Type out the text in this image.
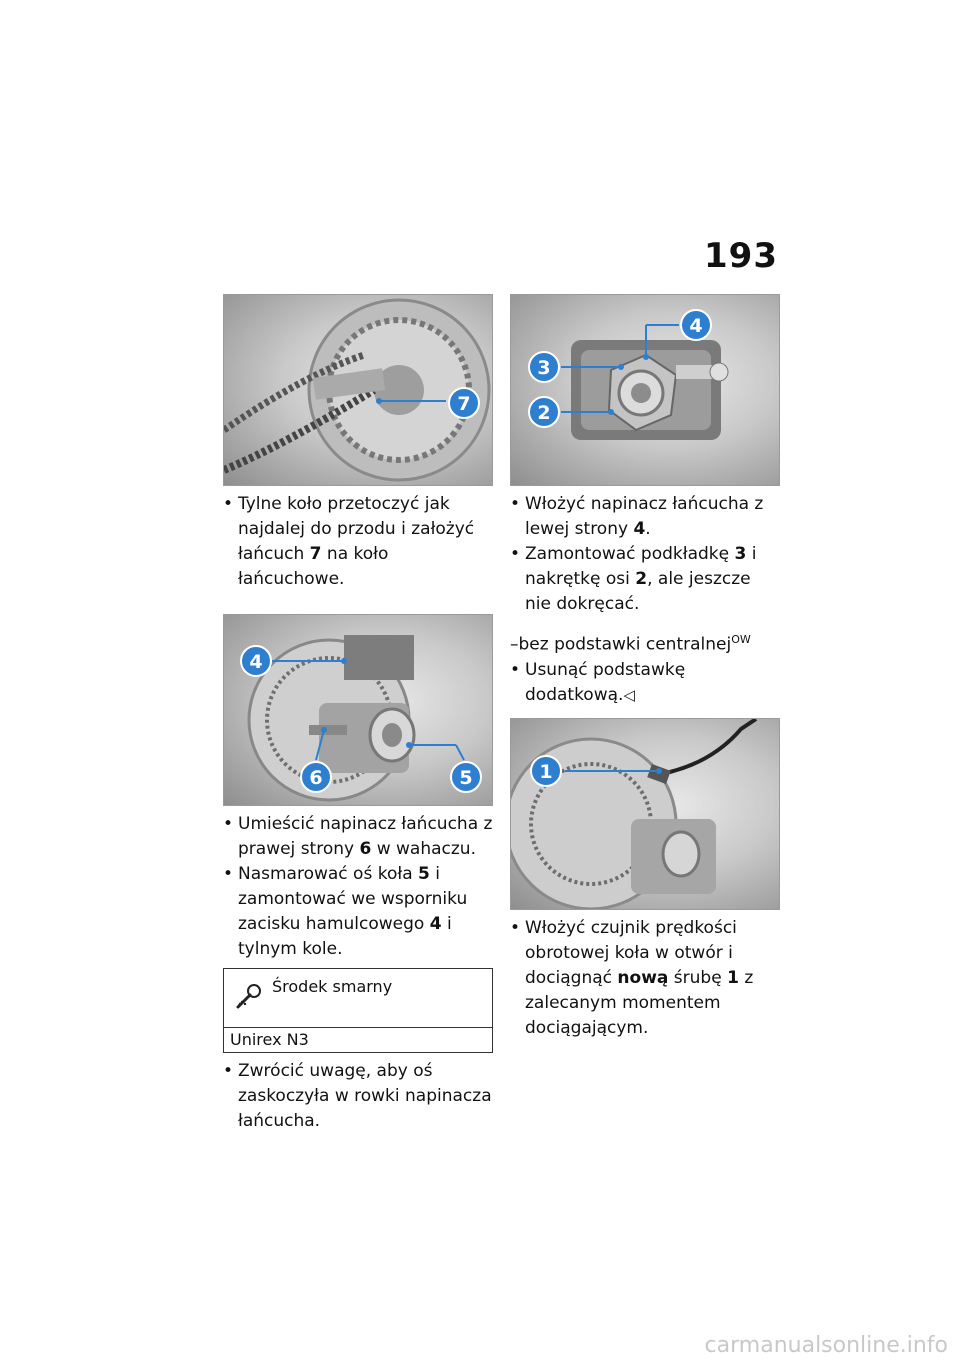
193
7
• Tylne koło przetoczyć jak najdalej do przodu i założyć łańcuch 7 na koło łańcuchowe.
4
6	5
• Umieścić napinacz łańcucha z prawej strony 6 w wahaczu.
• Nasmarować oś koła 5 i zamontować we wsporniku zacisku hamulcowego 4 i tylnym kole.
Środek smarny
Unirex N3
• Zwrócić uwagę, aby oś zaskoczyła w rowki napinacza łańcucha.
4
3
2
• Włożyć napinacz łańcucha z lewej strony 4.
• Zamontować podkładkę 3 i nakrętkę osi 2, ale jeszcze nie dokręcać.
–bez podstawki centralnej$^{OW}$
• Usunąć podstawkę dodatkową.◁
1
• Włożyć czujnik prędkości obrotowej koła w otwór i dociągnąć nową śrubę 1 z zalecanym momentem dociągającym.
carmanualsonline.info
